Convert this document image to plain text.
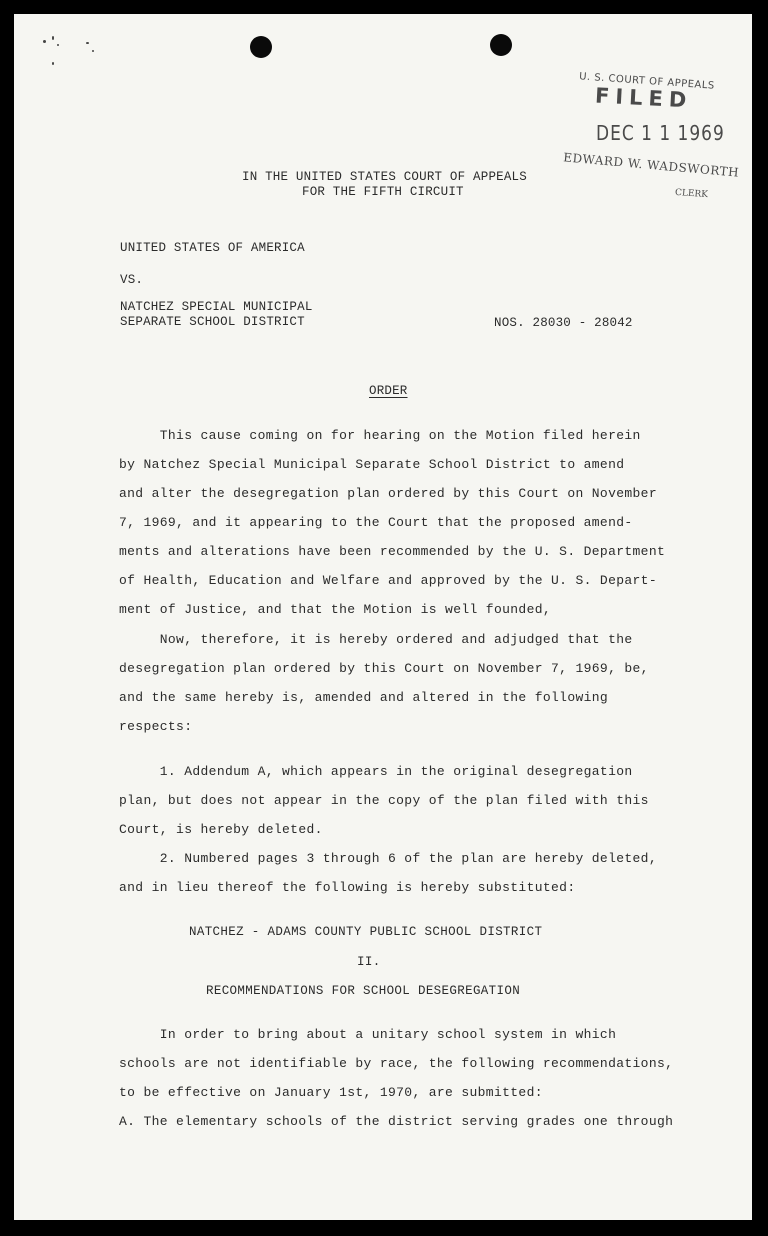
U. S. COURT OF APPEALS
FILED
DEC 1 1 1969
EDWARD W. WADSWORTH
CLERK
IN THE UNITED STATES COURT OF APPEALS
FOR THE FIFTH CIRCUIT
UNITED STATES OF AMERICA
VS.
NATCHEZ SPECIAL MUNICIPAL
SEPARATE SCHOOL DISTRICT	NOS. 28030 - 28042
ORDER
This cause coming on for hearing on the Motion filed herein
by Natchez Special Municipal Separate School District to amend
and alter the desegregation plan ordered by this Court on November
7, 1969, and it appearing to the Court that the proposed amend-
ments and alterations have been recommended by the U. S. Department
of Health, Education and Welfare and approved by the U. S. Depart-
ment of Justice, and that the Motion is well founded,
Now, therefore, it is hereby ordered and adjudged that the
desegregation plan ordered by this Court on November 7, 1969, be,
and the same hereby is, amended and altered in the following
respects:
1. Addendum A, which appears in the original desegregation
plan, but does not appear in the copy of the plan filed with this
Court, is hereby deleted.
2. Numbered pages 3 through 6 of the plan are hereby deleted,
and in lieu thereof the following is hereby substituted:
NATCHEZ - ADAMS COUNTY PUBLIC SCHOOL DISTRICT
II.
RECOMMENDATIONS FOR SCHOOL DESEGREGATION
In order to bring about a unitary school system in which
schools are not identifiable by race, the following recommendations,
to be effective on January 1st, 1970, are submitted:
A. The elementary schools of the district serving grades one through
